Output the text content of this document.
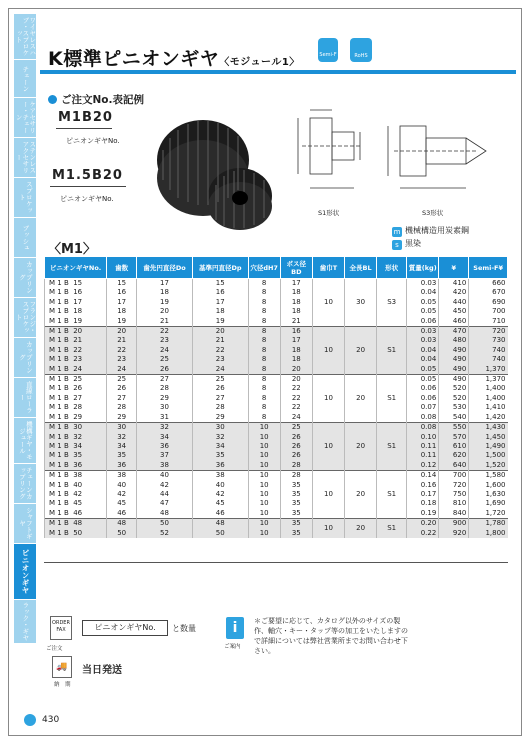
ワイヤレスハブ・スプロケット
チェーン
ケアセサリー・チェーン
ステンレスアクセサリー
スプロケット
ブッシュ
カップリング
フランジ・スプロケット
カップリング
直線ローラー
機構ギヤ・モジュール
チェーンカップリング
シャフトギヤ
ピニオンギヤ
ラック・ギヤ
K標準ピニオンギヤ〈モジュール1〉
Semi-F	RoHS
ご注文No.表記例
M1B20
ピニオンギヤNo.
M1.5B20
ピニオンギヤNo.
S1形状	S3形状
m 機械構造用炭素鋼
s 黒染
〈M1〉
ピニオンギヤNo.	歯数	歯先円直径Do	基準円直径Dp	穴径dH7	ボス径BD	歯巾T	全長BL	形状	質量(kg)	¥	Semi-F¥
M 1 B  15	15	17	15	8	17	10	30	S3	0.03	410	660
M 1 B  16	16	18	16	8	18				0.04	420	670
M 1 B  17	17	19	17	8	18				0.05	440	690
M 1 B  18	18	20	18	8	18				0.05	450	700
M 1 B  19	19	21	19	8	21				0.06	460	710
M 1 B  20	20	22	20	8	16	10	20	S1	0.03	470	720
M 1 B  21	21	23	21	8	17				0.03	480	730
M 1 B  22	22	24	22	8	18				0.04	490	740
M 1 B  23	23	25	23	8	18				0.04	490	740
M 1 B  24	24	26	24	8	20				0.05	490	1,370
M 1 B  25	25	27	25	8	20	10	20	S1	0.05	490	1,370
M 1 B  26	26	28	26	8	22				0.06	520	1,400
M 1 B  27	27	29	27	8	22				0.06	520	1,400
M 1 B  28	28	30	28	8	22				0.07	530	1,410
M 1 B  29	29	31	29	8	24				0.08	540	1,420
M 1 B  30	30	32	30	10	25	10	20	S1	0.08	550	1,430
M 1 B  32	32	34	32	10	26				0.10	570	1,450
M 1 B  34	34	36	34	10	26				0.11	610	1,490
M 1 B  35	35	37	35	10	26				0.11	620	1,500
M 1 B  36	36	38	36	10	28				0.12	640	1,520
M 1 B  38	38	40	38	10	28	10	20	S1	0.14	700	1,580
M 1 B  40	40	42	40	10	35				0.16	720	1,600
M 1 B  42	42	44	42	10	35				0.17	750	1,630
M 1 B  45	45	47	45	10	35				0.18	810	1,690
M 1 B  46	46	48	46	10	35				0.19	840	1,720
M 1 B  48	48	50	48	10	35	10	20	S1	0.20	900	1,780
M 1 B  50	50	52	50	10	35				0.22	920	1,800
ORDER FAX
ご注文
ピニオンギヤNo.	と数量	i
ご案内
＊ご要望に応じて、カタログ以外のサイズの製作、軸穴・キー・タップ等の加工をいたしますので詳細については弊社営業所までお問い合わせ下さい。
🚚
納　期
当日発送
430
